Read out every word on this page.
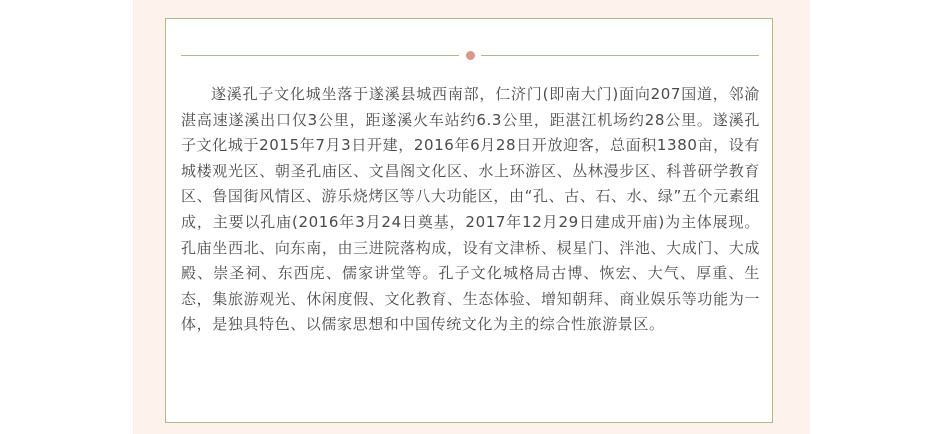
遂溪孔子文化城坐落于遂溪县城西南部，仁济门(即南大门)面向207国道，邻渝湛高速遂溪出口仅3公里，距遂溪火车站约6.3公里，距湛江机场约28公里。遂溪孔子文化城于2015年7月3日开建，2016年6月28日开放迎客，总面积1380亩，设有城楼观光区、朝圣孔庙区、文昌阁文化区、水上环游区、丛林漫步区、科普研学教育区、鲁国街风情区、游乐烧烤区等八大功能区，由“孔、古、石、水、绿”五个元素组成，主要以孔庙(2016年3月24日奠基，2017年12月29日建成开庙)为主体展现。孔庙坐西北、向东南，由三进院落构成，设有文津桥、棂星门、泮池、大成门、大成殿、崇圣祠、东西庑、儒家讲堂等。孔子文化城格局古博、恢宏、大气、厚重、生态，集旅游观光、休闲度假、文化教育、生态体验、增知朝拜、商业娱乐等功能为一体，是独具特色、以儒家思想和中国传统文化为主的综合性旅游景区。
